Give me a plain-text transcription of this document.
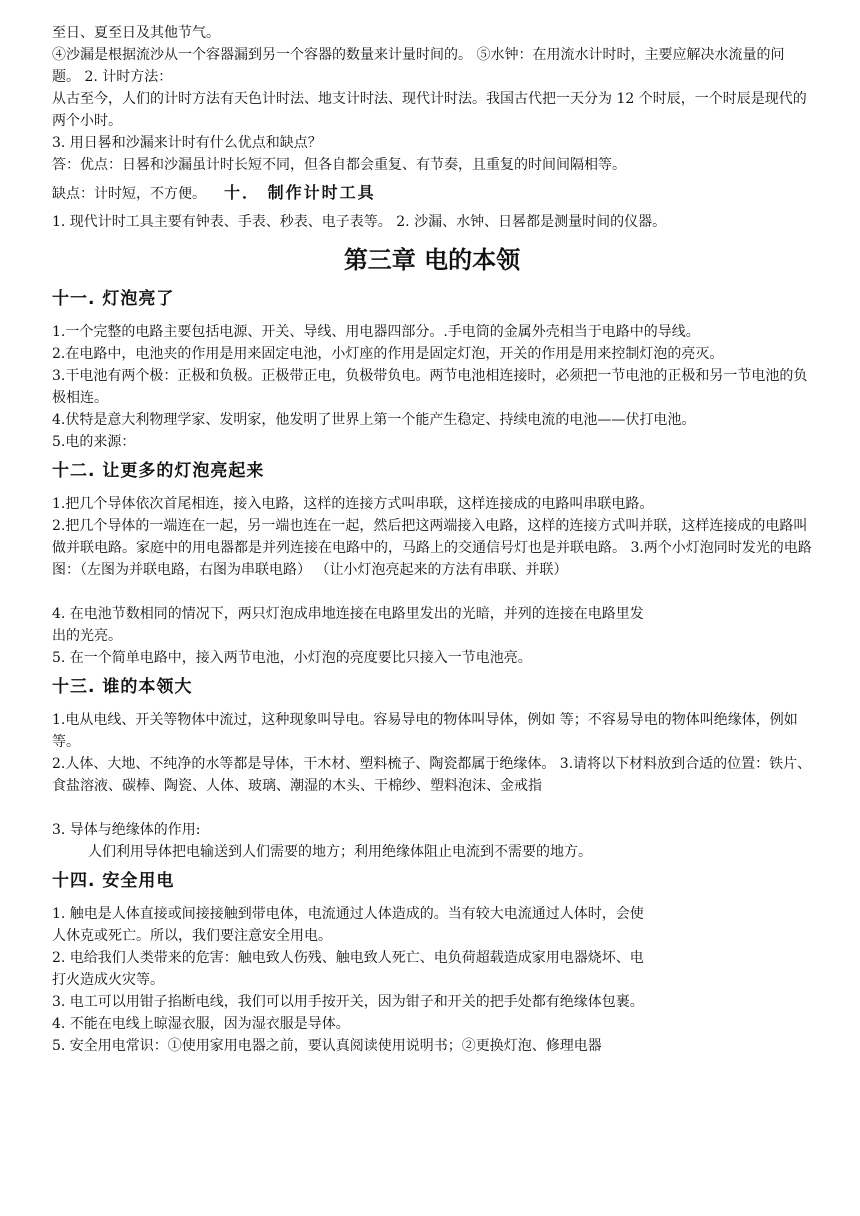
至日、夏至日及其他节气。

④沙漏是根据流沙从一个容器漏到另一个容器的数量来计量时间的。 ⑤水钟：在用流水计时时，主要应解决水流量的问题。 2. 计时方法：

从古至今，人们的计时方法有天色计时法、地支计时法、现代计时法。我国古代把一天分为 12 个时辰，一个时辰是现代的两个小时。

3. 用日晷和沙漏来计时有什么优点和缺点？

答：优点：日晷和沙漏虽计时长短不同，但各自都会重复、有节奏，且重复的时间间隔相等。

缺点：计时短，不方便。 十． 制作计时工具

1. 现代计时工具主要有钟表、手表、秒表、电子表等。 2. 沙漏、水钟、日晷都是测量时间的仪器。

第三章 电的本领
十一. 灯泡亮了

1.一个完整的电路主要包括电源、开关、导线、用电器四部分。.手电筒的金属外壳相当于电路中的导线。

2.在电路中，电池夹的作用是用来固定电池，小灯座的作用是固定灯泡，开关的作用是用来控制灯泡的亮灭。

3.干电池有两个极：正极和负极。正极带正电，负极带负电。两节电池相连接时，必须把一节电池的正极和另一节电池的负极相连。

4.伏特是意大利物理学家、发明家，他发明了世界上第一个能产生稳定、持续电流的电池——伏打电池。

5.电的来源：

十二. 让更多的灯泡亮起来

1.把几个导体依次首尾相连，接入电路，这样的连接方式叫串联，这样连接成的电路叫串联电路。

2.把几个导体的一端连在一起，另一端也连在一起，然后把这两端接入电路，这样的连接方式叫并联，这样连接成的电路叫做并联电路。家庭中的用电器都是并列连接在电路中的，马路上的交通信号灯也是并联电路。 3.两个小灯泡同时发光的电路图：（左图为并联电路，右图为串联电路） （让小灯泡亮起来的方法有串联、并联）

4. 在电池节数相同的情况下，两只灯泡成串地连接在电路里发出的光暗，并列的连接在电路里发出的光亮。

5. 在一个简单电路中，接入两节电池，小灯泡的亮度要比只接入一节电池亮。

十三. 谁的本领大

1.电从电线、开关等物体中流过，这种现象叫导电。容易导电的物体叫导体，例如 等；不容易导电的物体叫绝缘体，例如 等。

2.人体、大地、不纯净的水等都是导体，干木材、塑料梳子、陶瓷都属于绝缘体。 3.请将以下材料放到合适的位置：铁片、食盐溶液、碳棒、陶瓷、人体、玻璃、潮湿的木头、干棉纱、塑料泡沫、金戒指

3. 导体与绝缘体的作用:

人们利用导体把电输送到人们需要的地方；利用绝缘体阻止电流到不需要的地方。

十四. 安全用电

1. 触电是人体直接或间接接触到带电体，电流通过人体造成的。当有较大电流通过人体时，会使人休克或死亡。所以，我们要注意安全用电。

2. 电给我们人类带来的危害：触电致人伤残、触电致人死亡、电负荷超载造成家用电器烧坏、电打火造成火灾等。

3. 电工可以用钳子掐断电线，我们可以用手按开关，因为钳子和开关的把手处都有绝缘体包裹。

4. 不能在电线上晾湿衣服，因为湿衣服是导体。

5. 安全用电常识：①使用家用电器之前，要认真阅读使用说明书；②更换灯泡、修理电器
